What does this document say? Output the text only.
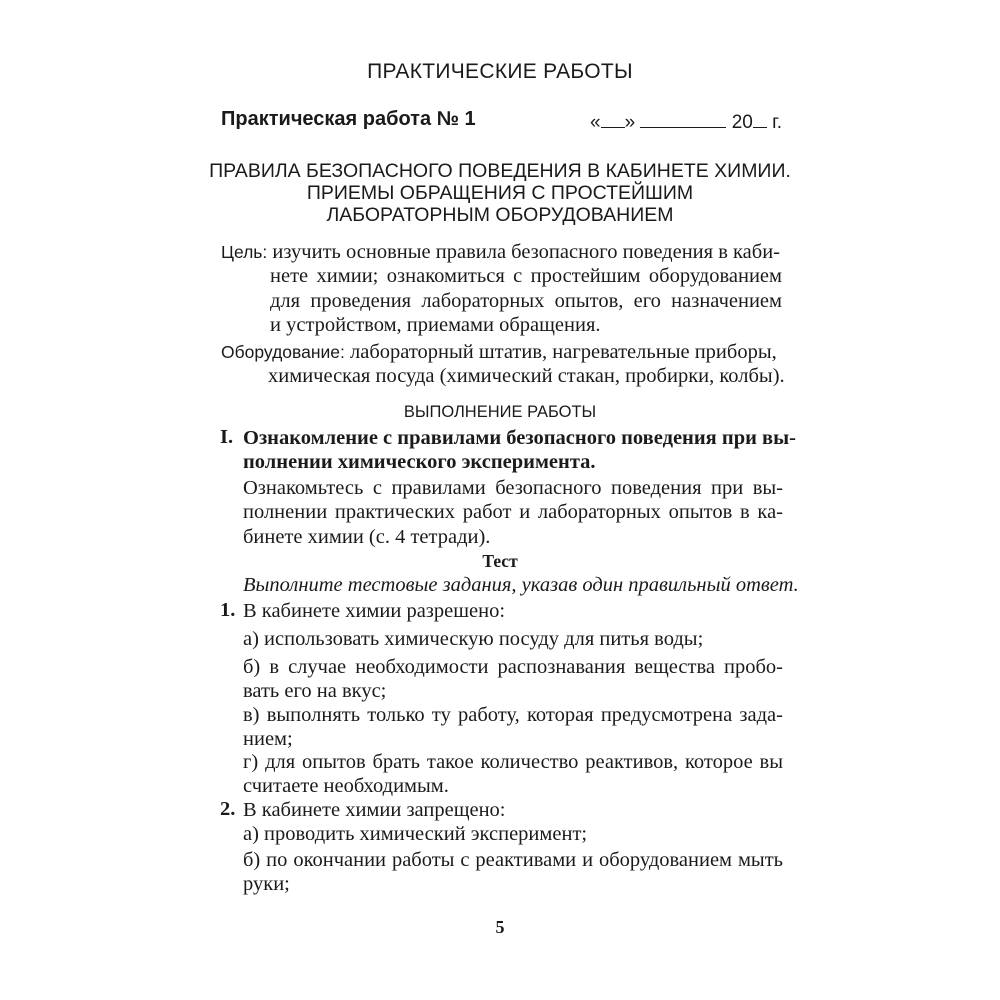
ПРАКТИЧЕСКИЕ РАБОТЫ
Практическая работа № 1	« »	20 г.
ПРАВИЛА БЕЗОПАСНОГО ПОВЕДЕНИЯ В КАБИНЕТЕ ХИМИИ.
ПРИЕМЫ ОБРАЩЕНИЯ С ПРОСТЕЙШИМ
ЛАБОРАТОРНЫМ ОБОРУДОВАНИЕМ
Цель: изучить основные правила безопасного поведения в каби-
нете химии; ознакомиться с простейшим оборудованием
для проведения лабораторных опытов, его назначением
и устройством, приемами обращения.
Оборудование: лабораторный штатив, нагревательные приборы,
химическая посуда (химический стакан, пробирки, колбы).
ВЫПОЛНЕНИЕ РАБОТЫ
I. Ознакомление с правилами безопасного поведения при вы-
полнении химического эксперимента.
Ознакомьтесь с правилами безопасного поведения при вы-
полнении практических работ и лабораторных опытов в ка-
бинете химии (с. 4 тетради).
Тест
Выполните тестовые задания, указав один правильный ответ.
1. В кабинете химии разрешено:
а) использовать химическую посуду для питья воды;
б) в случае необходимости распознавания вещества пробо-
вать его на вкус;
в) выполнять только ту работу, которая предусмотрена зада-
нием;
г) для опытов брать такое количество реактивов, которое вы
считаете необходимым.
2. В кабинете химии запрещено:
а) проводить химический эксперимент;
б) по окончании работы с реактивами и оборудованием мыть
руки;
5
